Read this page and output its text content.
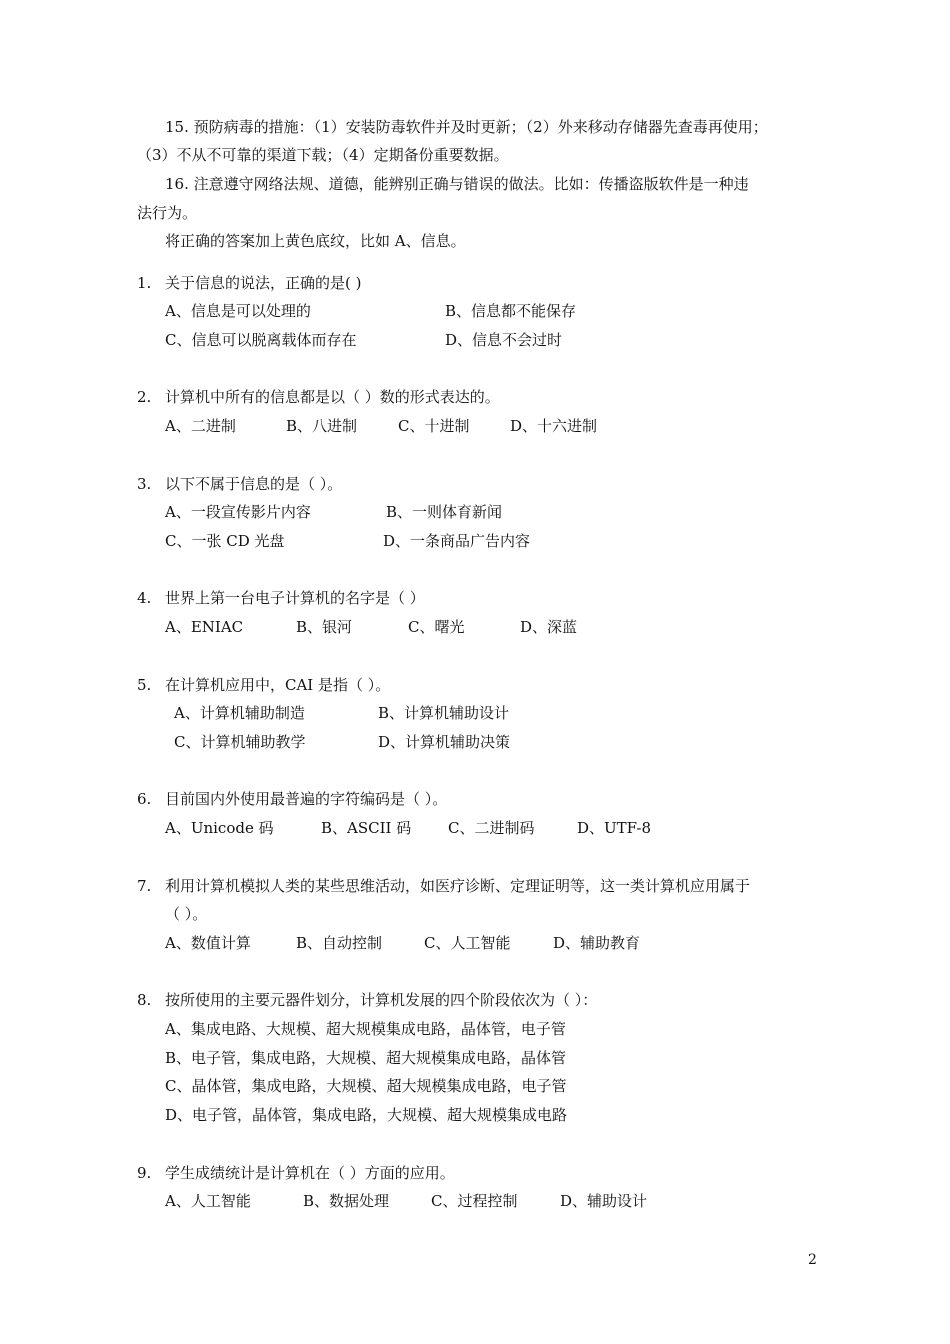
15. 预防病毒的措施：（1）安装防毒软件并及时更新；（2）外来移动存储器先查毒再使用；
（3）不从不可靠的渠道下载；（4）定期备份重要数据。
16. 注意遵守网络法规、道德，能辨别正确与错误的做法。比如：传播盗版软件是一种违
法行为。
将正确的答案加上黄色底纹，比如 A、信息。
1. 关于信息的说法，正确的是( )
A、信息是可以处理的	B、信息都不能保存
C、信息可以脱离载体而存在	D、信息不会过时
2. 计算机中所有的信息都是以（ ）数的形式表达的。
A、二进制	B、八进制	C、十进制	D、十六进制
3. 以下不属于信息的是（ ）。
A、一段宣传影片内容	B、一则体育新闻
C、一张 CD 光盘	D、一条商品广告内容
4. 世界上第一台电子计算机的名字是（ ）
A、ENIAC	B、银河	C、曙光	D、深蓝
5. 在计算机应用中，CAI 是指（ ）。
A、计算机辅助制造	B、计算机辅助设计
C、计算机辅助教学	D、计算机辅助决策
6. 目前国内外使用最普遍的字符编码是（ ）。
A、Unicode 码	B、ASCII 码 C、二进制码	D、UTF-8
7. 利用计算机模拟人类的某些思维活动，如医疗诊断、定理证明等，这一类计算机应用属于
（ ）。
A、数值计算	B、自动控制	C、人工智能	D、辅助教育
8. 按所使用的主要元器件划分，计算机发展的四个阶段依次为（ ）：
A、集成电路、大规模、超大规模集成电路，晶体管，电子管
B、电子管，集成电路，大规模、超大规模集成电路，晶体管
C、晶体管，集成电路，大规模、超大规模集成电路，电子管
D、电子管，晶体管，集成电路，大规模、超大规模集成电路
9. 学生成绩统计是计算机在（ ）方面的应用。
A、人工智能	B、数据处理	C、过程控制	D、辅助设计
2
